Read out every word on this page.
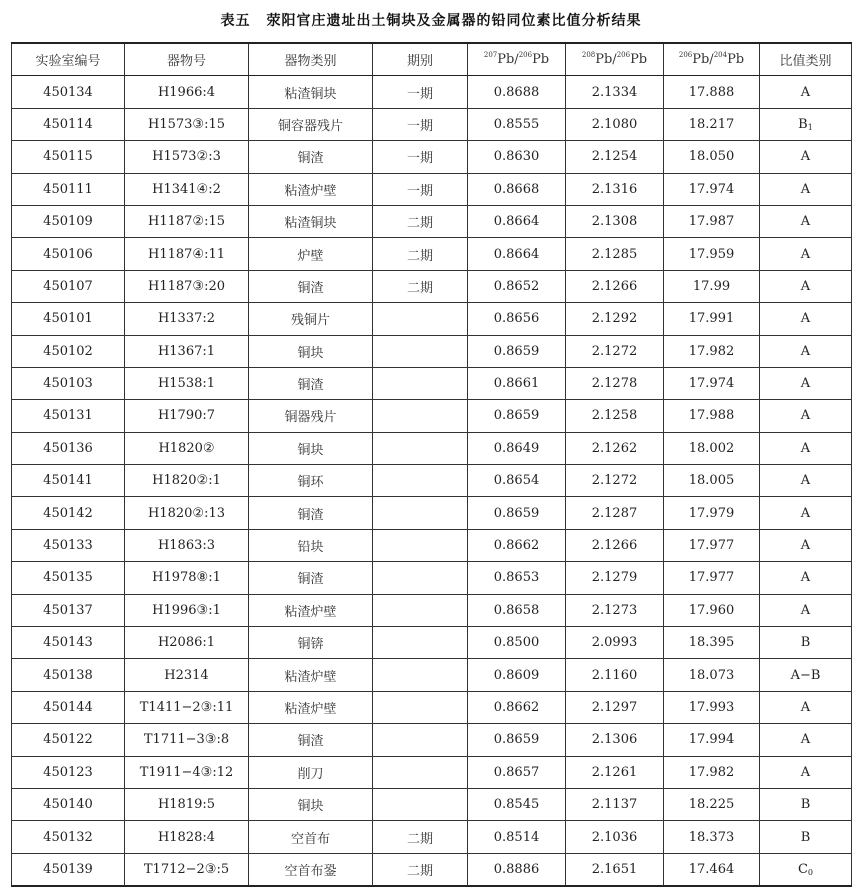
表五 荥阳官庄遗址出土铜块及金属器的铅同位素比值分析结果
实验室编号	器物号	器物类别	期别	$^{207}$Pb/$^{206}$Pb	$^{208}$Pb/$^{206}$Pb	$^{206}$Pb/$^{204}$Pb	比值类别
450134	H1966:4	粘渣铜块	一期	0.8688	2.1334	17.888	A
450114	H1573③:15	铜容器残片	一期	0.8555	2.1080	18.217	$B_1$
450115	H1573②:3	铜渣	一期	0.8630	2.1254	18.050	A
450111	H1341④:2	粘渣炉壁	一期	0.8668	2.1316	17.974	A
450109	H1187②:15	粘渣铜块	二期	0.8664	2.1308	17.987	A
450106	H1187④:11	炉壁	二期	0.8664	2.1285	17.959	A
450107	H1187③:20	铜渣	二期	0.8652	2.1266	17.99	A
450101	H1337:2	残铜片		0.8656	2.1292	17.991	A
450102	H1367:1	铜块		0.8659	2.1272	17.982	A
450103	H1538:1	铜渣		0.8661	2.1278	17.974	A
450131	H1790:7	铜器残片		0.8659	2.1258	17.988	A
450136	H1820②	铜块		0.8649	2.1262	18.002	A
450141	H1820②:1	铜环		0.8654	2.1272	18.005	A
450142	H1820②:13	铜渣		0.8659	2.1287	17.979	A
450133	H1863:3	铅块		0.8662	2.1266	17.977	A
450135	H1978⑧:1	铜渣		0.8653	2.1279	17.977	A
450137	H1996③:1	粘渣炉壁		0.8658	2.1273	17.960	A
450143	H2086:1	铜锛		0.8500	2.0993	18.395	B
450138	H2314	粘渣炉壁		0.8609	2.1160	18.073	A−B
450144	T1411−2③:11	粘渣炉壁		0.8662	2.1297	17.993	A
450122	T1711−3③:8	铜渣		0.8659	2.1306	17.994	A
450123	T1911−4③:12	削刀		0.8657	2.1261	17.982	A
450140	H1819:5	铜块		0.8545	2.1137	18.225	B
450132	H1828:4	空首布	二期	0.8514	2.1036	18.373	B
450139	T1712−2③:5	空首布銎	二期	0.8886	2.1651	17.464	$C_0$
